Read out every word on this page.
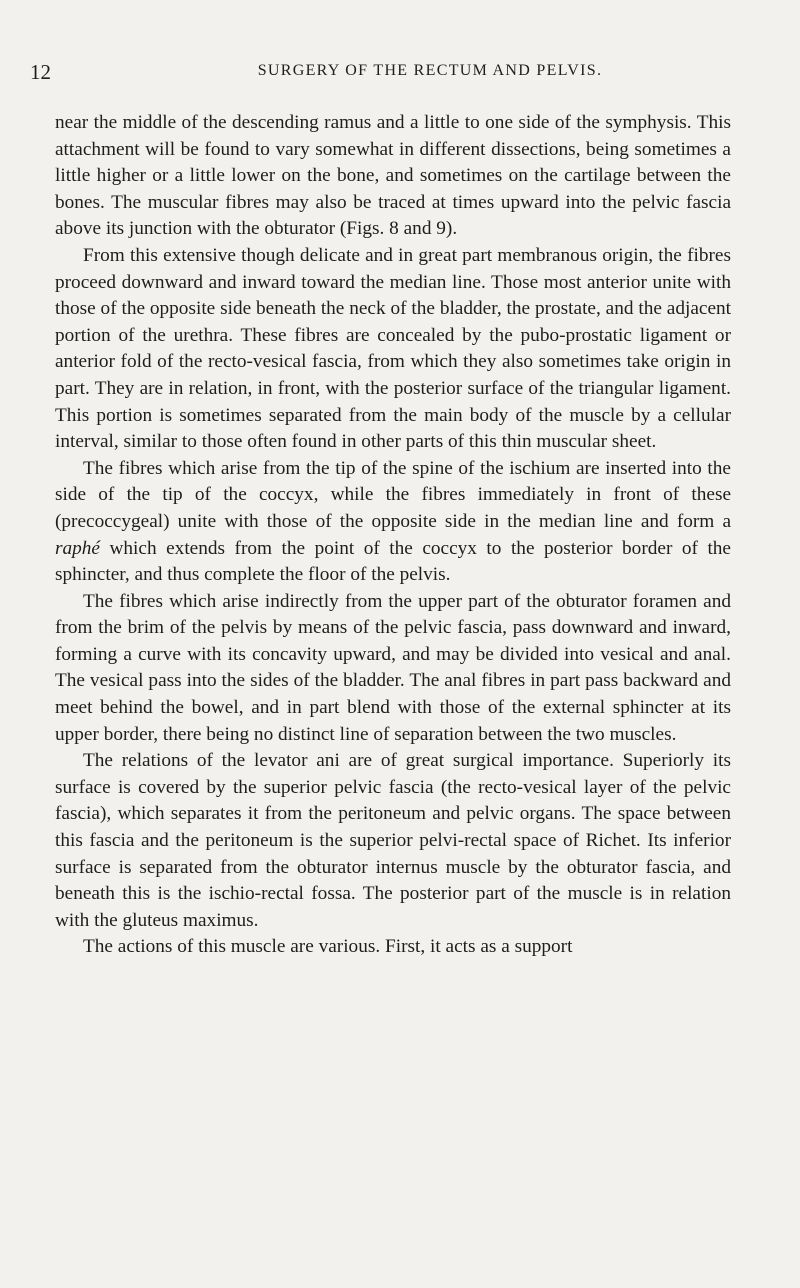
12	SURGERY OF THE RECTUM AND PELVIS.

near the middle of the descending ramus and a little to one side of the symphysis. This attachment will be found to vary somewhat in different dissections, being sometimes a little higher or a little lower on the bone, and sometimes on the cartilage between the bones. The muscular fibres may also be traced at times upward into the pelvic fascia above its junction with the obturator (Figs. 8 and 9).

From this extensive though delicate and in great part membranous origin, the fibres proceed downward and inward toward the median line. Those most anterior unite with those of the opposite side beneath the neck of the bladder, the prostate, and the adjacent portion of the urethra. These fibres are concealed by the pubo-prostatic ligament or anterior fold of the recto-vesical fascia, from which they also sometimes take origin in part. They are in relation, in front, with the posterior surface of the triangular ligament. This portion is sometimes separated from the main body of the muscle by a cellular interval, similar to those often found in other parts of this thin muscular sheet.

The fibres which arise from the tip of the spine of the ischium are inserted into the side of the tip of the coccyx, while the fibres immediately in front of these (precoccygeal) unite with those of the opposite side in the median line and form a raphé which extends from the point of the coccyx to the posterior border of the sphincter, and thus complete the floor of the pelvis.

The fibres which arise indirectly from the upper part of the obturator foramen and from the brim of the pelvis by means of the pelvic fascia, pass downward and inward, forming a curve with its concavity upward, and may be divided into vesical and anal. The vesical pass into the sides of the bladder. The anal fibres in part pass backward and meet behind the bowel, and in part blend with those of the external sphincter at its upper border, there being no distinct line of separation between the two muscles.

The relations of the levator ani are of great surgical importance. Superiorly its surface is covered by the superior pelvic fascia (the recto-vesical layer of the pelvic fascia), which separates it from the peritoneum and pelvic organs. The space between this fascia and the peritoneum is the superior pelvi-rectal space of Richet. Its inferior surface is separated from the obturator internus muscle by the obturator fascia, and beneath this is the ischio-rectal fossa. The posterior part of the muscle is in relation with the gluteus maximus.

The actions of this muscle are various. First, it acts as a support
